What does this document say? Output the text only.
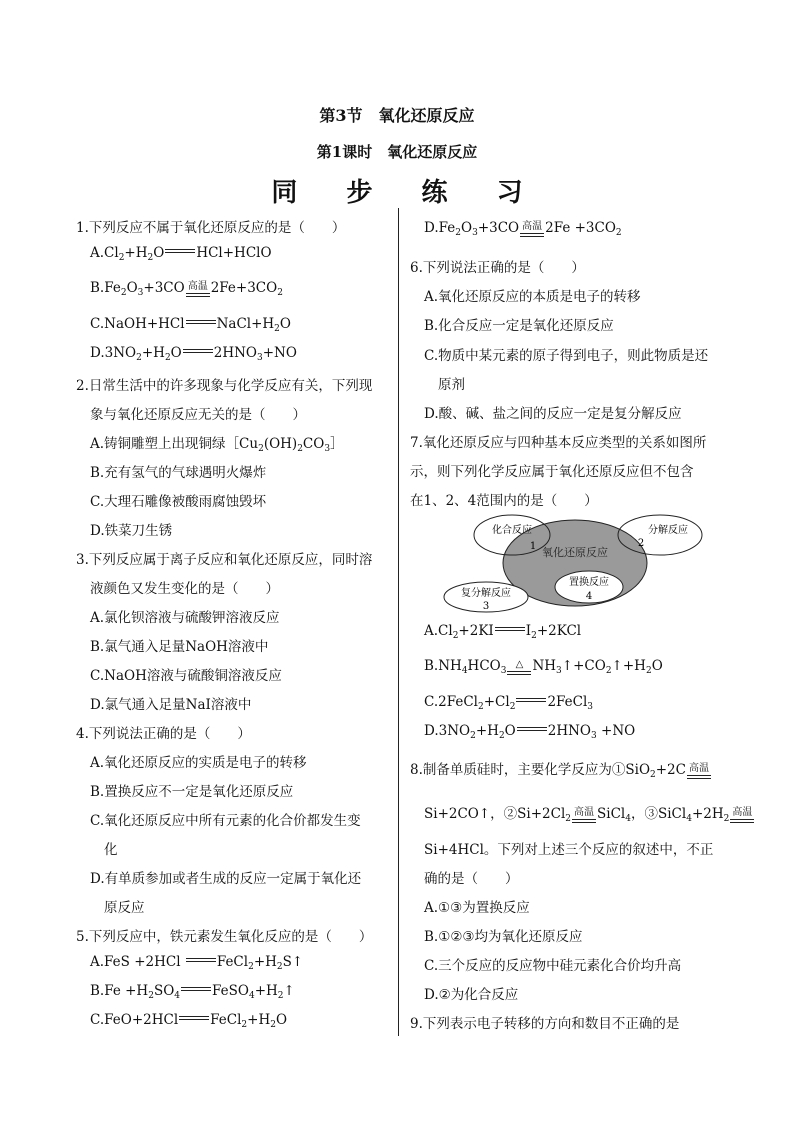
第3节　氧化还原反应
第1课时　氧化还原反应
同 步 练 习
1.下列反应不属于氧化还原反应的是（　　）
$A.Cl_2+H_2O$ HCl+HClO
$B.Fe_2O_3+3CO$ 高温 $2Fe+3CO_2$
C.NaOH+HCl $NaCl+H_2O$
$D.3NO_2+H_2O$ $2HNO_3+NO$
2.日常生活中的许多现象与化学反应有关，下列现
象与氧化还原反应无关的是（　　）
A.铸铜雕塑上出现铜绿$[Cu_2(OH)_2CO_3]$
B.充有氢气的气球遇明火爆炸
C.大理石雕像被酸雨腐蚀毁坏
D.铁菜刀生锈
3.下列反应属于离子反应和氧化还原反应，同时溶
液颜色又发生变化的是（　　）
A.氯化钡溶液与硫酸钾溶液反应
B.氯气通入足量NaOH溶液中
C.NaOH溶液与硫酸铜溶液反应
D.氯气通入足量NaI溶液中
4.下列说法正确的是（　　）
A.氧化还原反应的实质是电子的转移
B.置换反应不一定是氧化还原反应
C.氧化还原反应中所有元素的化合价都发生变
化
D.有单质参加或者生成的反应一定属于氧化还
原反应
5.下列反应中，铁元素发生氧化反应的是（　　）
A.FeS +2HCl $FeCl_2+H_2S↑$
$B.Fe +H_2SO_4$ $FeSO_4+H_2↑$
C.FeO+2HCl $FeCl_2+H_2O$
$D.Fe_2O_3+3CO$ 高温 $2Fe +3CO_2$
6.下列说法正确的是（　　）
A.氧化还原反应的本质是电子的转移
B.化合反应一定是氧化还原反应
C.物质中某元素的原子得到电子，则此物质是还
原剂
D.酸、碱、盐之间的反应一定是复分解反应
7.氧化还原反应与四种基本反应类型的关系如图所
示，则下列化学反应属于氧化还原反应但不包含
在1、2、4范围内的是（　　）
$A.Cl_2+2KI$ $I_2+2KCl$
$B.NH_4HCO_3$
△ $NH_3↑+CO_2↑+H_2O$
$C.2FeCl_2+Cl_2$ 2FeCl$_3$
$D.3NO_2+H_2O$ $2HNO_3 +NO$
8.制备单质硅时，主要化学反应为①SiO$_2$+2C 高温
Si+2CO↑，$②Si+2Cl_2$
高温 SiCl$_4$，$③SiCl_4+2H_2$
高温
Si+4HCl。下列对上述三个反应的叙述中，不正
确的是（　　）
A.①③为置换反应
B.①②③均为氧化还原反应
C.三个反应的反应物中硅元素化合价均升高
D.②为化合反应
9.下列表示电子转移的方向和数目不正确的是
化合反应
1 氧化还原反应
分解反应
2
置换反应
4
复分解反应
3
